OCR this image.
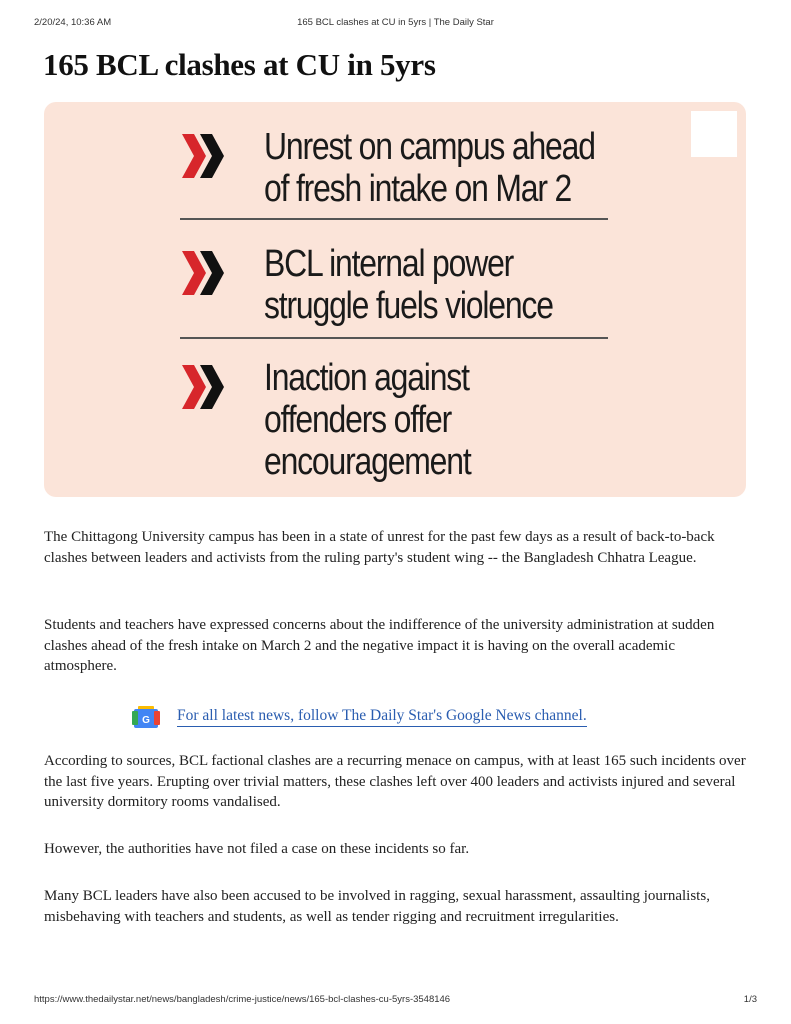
2/20/24, 10:36 AM	165 BCL clashes at CU in 5yrs | The Daily Star
165 BCL clashes at CU in 5yrs
Unrest on campus ahead
of fresh intake on Mar 2
BCL internal power
struggle fuels violence
Inaction against
offenders offer
encouragement

The Chittagong University campus has been in a state of unrest for the past few days as a result of back-to-back clashes between leaders and activists from the ruling party's student wing -- the Bangladesh Chhatra League.

Students and teachers have expressed concerns about the indifference of the university administration at sudden clashes ahead of the fresh intake on March 2 and the negative impact it is having on the overall academic atmosphere.

G For all latest news, follow The Daily Star's Google News channel.

According to sources, BCL factional clashes are a recurring menace on campus, with at least 165 such incidents over the last five years. Erupting over trivial matters, these clashes left over 400 leaders and activists injured and several university dormitory rooms vandalised.

However, the authorities have not filed a case on these incidents so far.

Many BCL leaders have also been accused to be involved in ragging, sexual harassment, assaulting journalists, misbehaving with teachers and students, as well as tender rigging and recruitment irregularities.

https://www.thedailystar.net/news/bangladesh/crime-justice/news/165-bcl-clashes-cu-5yrs-3548146	1/3
